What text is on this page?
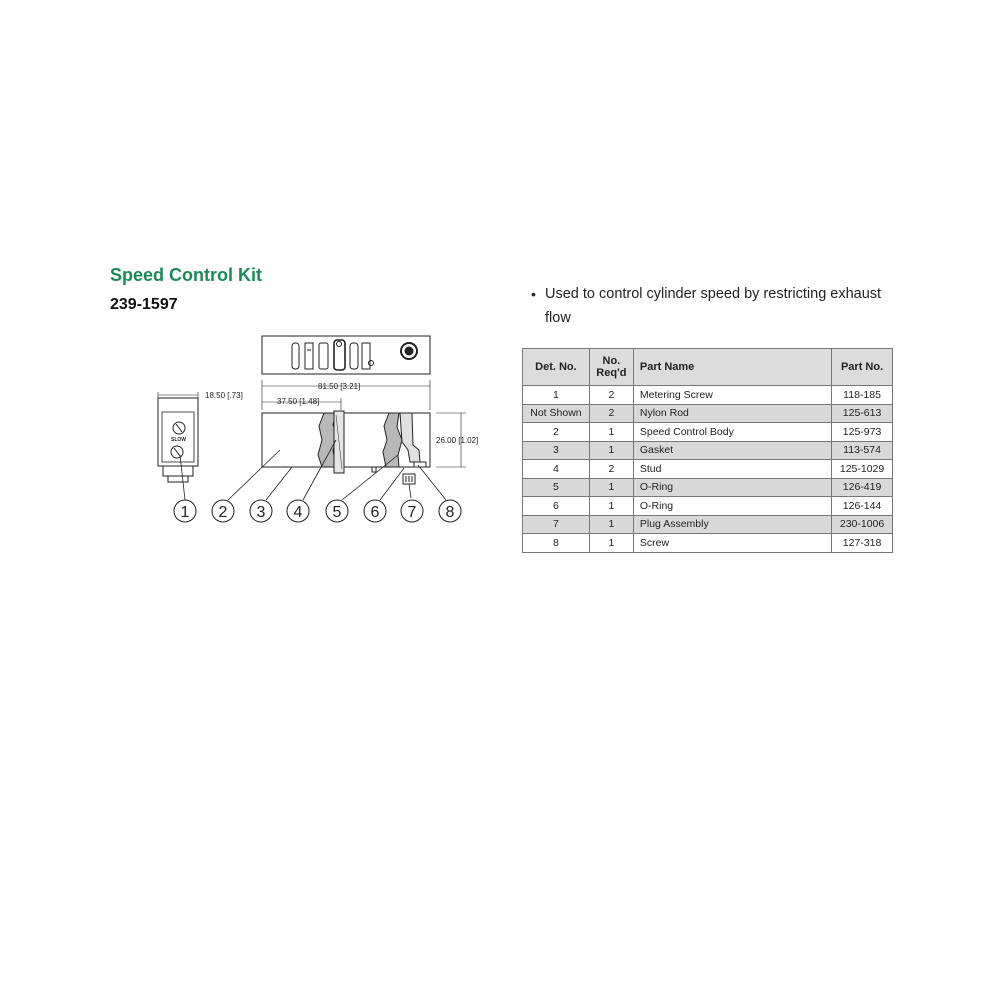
Speed Control Kit
239-1597
• Used to control cylinder speed by restricting exhaust flow
SLOW
81.50 [3.21]
37.50 [1.48]
26.00 [1.02]
18.50 [.73]
1 2 3 4 5 6 7 8
Det. No.	No. Req'd	Part Name	Part No.
1	2	Metering Screw	118-185
Not Shown	2	Nylon Rod	125-613
2	1	Speed Control Body	125-973
3	1	Gasket	113-574
4	2	Stud	125-1029
5	1	O-Ring	126-419
6	1	O-Ring	126-144
7	1	Plug Assembly	230-1006
8	1	Screw	127-318
